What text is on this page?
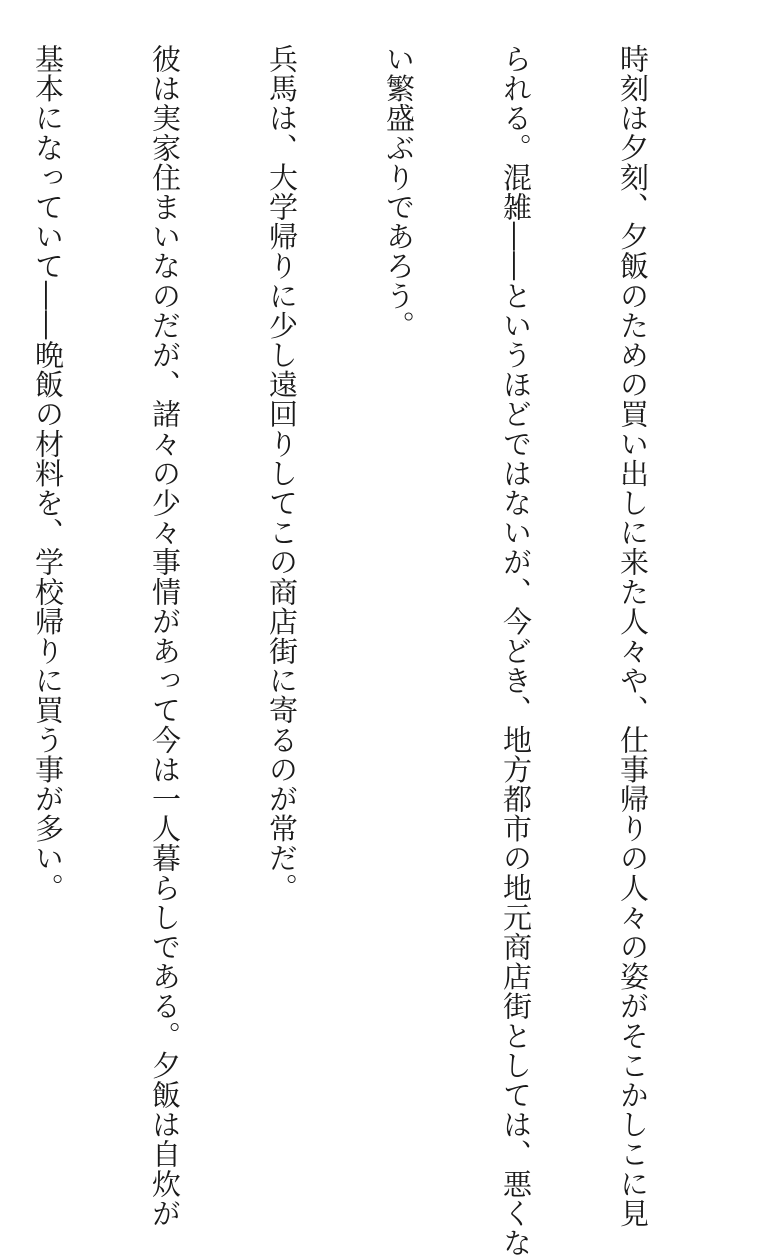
時刻は夕刻、夕飯のための買い出しに来た人々や、仕事帰りの人々の姿がそこかしこに見

られる。混雑――というほどではないが、今どき、地方都市の地元商店街としては、悪くな

い繁盛ぶりであろう。

兵馬は、大学帰りに少し遠回りしてこの商店街に寄るのが常だ。

彼は実家住まいなのだが、諸々の少々事情があって今は一人暮らしである。夕飯は自炊が

基本になっていて――晩飯の材料を、学校帰りに買う事が多い。
